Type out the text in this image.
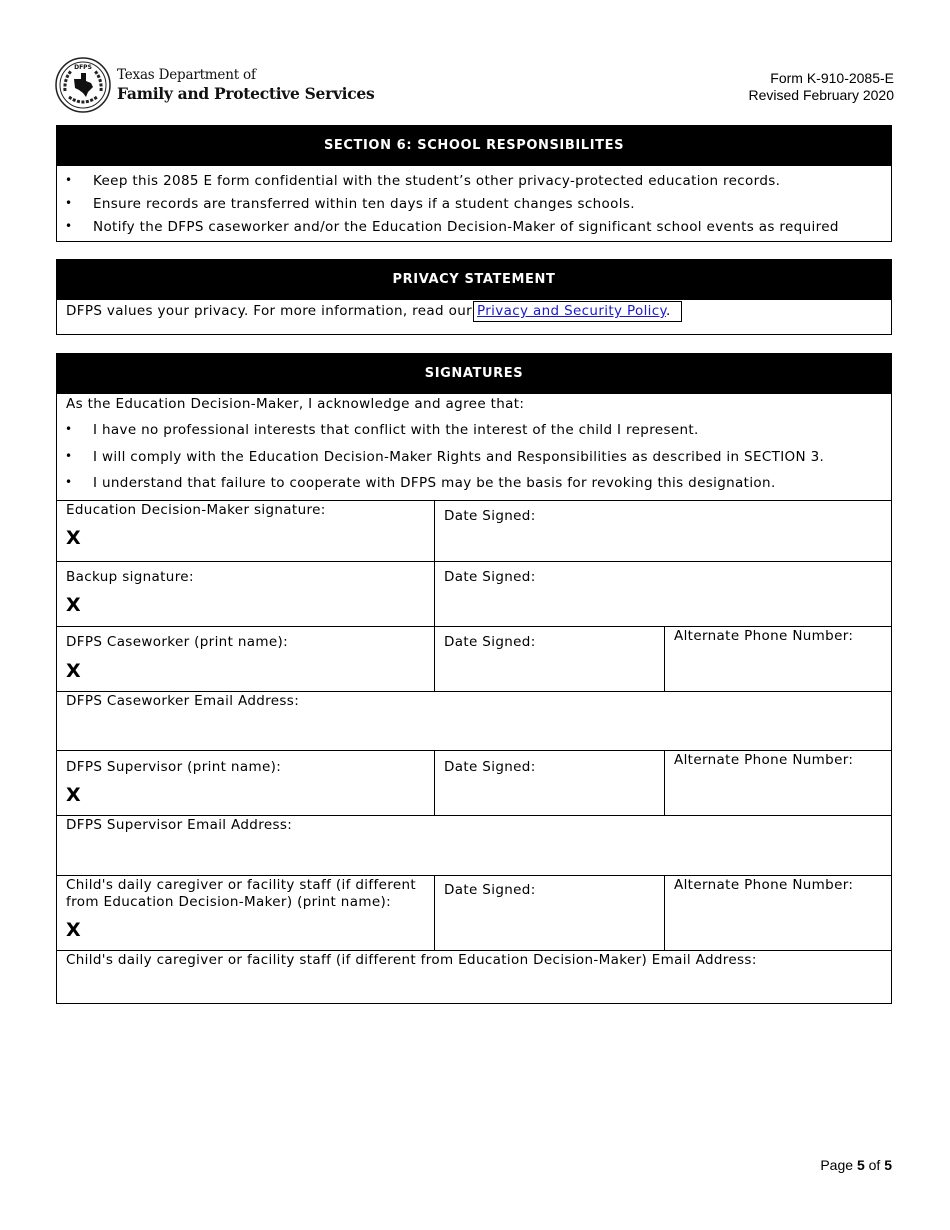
DFPS Texas Department of
Family and Protective Services
Form K-910-2085-E
Revised February 2020
SECTION 6: SCHOOL RESPONSIBILITES
• Keep this 2085 E form confidential with the student’s other privacy-protected education records.
• Ensure records are transferred within ten days if a student changes schools.
• Notify the DFPS caseworker and/or the Education Decision-Maker of significant school events as required
PRIVACY STATEMENT
DFPS values your privacy. For more information, read our Privacy and Security Policy.
SIGNATURES
As the Education Decision-Maker, I acknowledge and agree that:
• I have no professional interests that conflict with the interest of the child I represent.
• I will comply with the Education Decision-Maker Rights and Responsibilities as described in SECTION 3.
• I understand that failure to cooperate with DFPS may be the basis for revoking this designation.
Education Decision-Maker signature:
X
Date Signed:
Backup signature:
X
Date Signed:
DFPS Caseworker (print name):
X
Date Signed:	Alternate Phone Number:
DFPS Caseworker Email Address:
DFPS Supervisor (print name):
X
Date Signed:	Alternate Phone Number:
DFPS Supervisor Email Address:
Child's daily caregiver or facility staff (if different
from Education Decision-Maker) (print name):
X
Date Signed:	Alternate Phone Number:
Child's daily caregiver or facility staff (if different from Education Decision-Maker) Email Address:
Page 5 of 5
